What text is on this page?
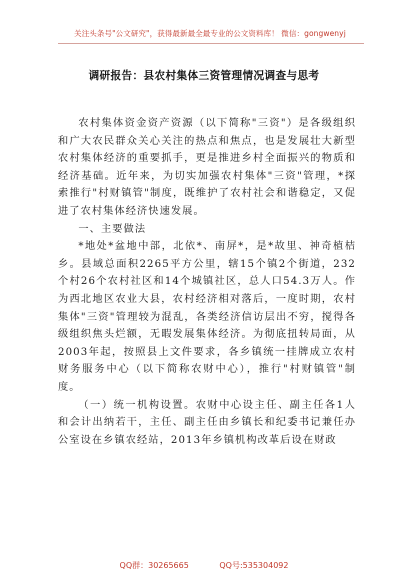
关注头条号"公文研究"，获得最新最全最专业的公文资料库！ 微信：gongwenyj
调研报告：县农村集体三资管理情况调查与思考

农村集体资金资产资源（以下简称"三资"）是各级组织和广大农民群众关心关注的热点和焦点，也是发展壮大新型农村集体经济的重要抓手，更是推进乡村全面振兴的物质和经济基础。近年来，为切实加强农村集体"三资"管理，*探索推行"村财镇管"制度，既维护了农村社会和谐稳定，又促进了农村集体经济快速发展。

一、主要做法

*地处*盆地中部，北依*、南屏*，是*故里、神奇植桔乡。县域总面积2265平方公里，辖15个镇2个街道，232个村26个农村社区和14个城镇社区，总人口54.3万人。作为西北地区农业大县，农村经济相对落后，一度时期，农村集体"三资"管理较为混乱，各类经济信访层出不穷，搅得各级组织焦头烂额，无暇发展集体经济。为彻底扭转局面，从2003年起，按照县上文件要求，各乡镇统一挂牌成立农村财务服务中心（以下简称农财中心），推行"村财镇管"制度。

（一）统一机构设置。农财中心设主任、副主任各1人和会计出纳若干，主任、副主任由乡镇长和纪委书记兼任办公室设在乡镇农经站，2013年乡镇机构改革后设在财政

QQ群：30265665	QQ号:535304092
